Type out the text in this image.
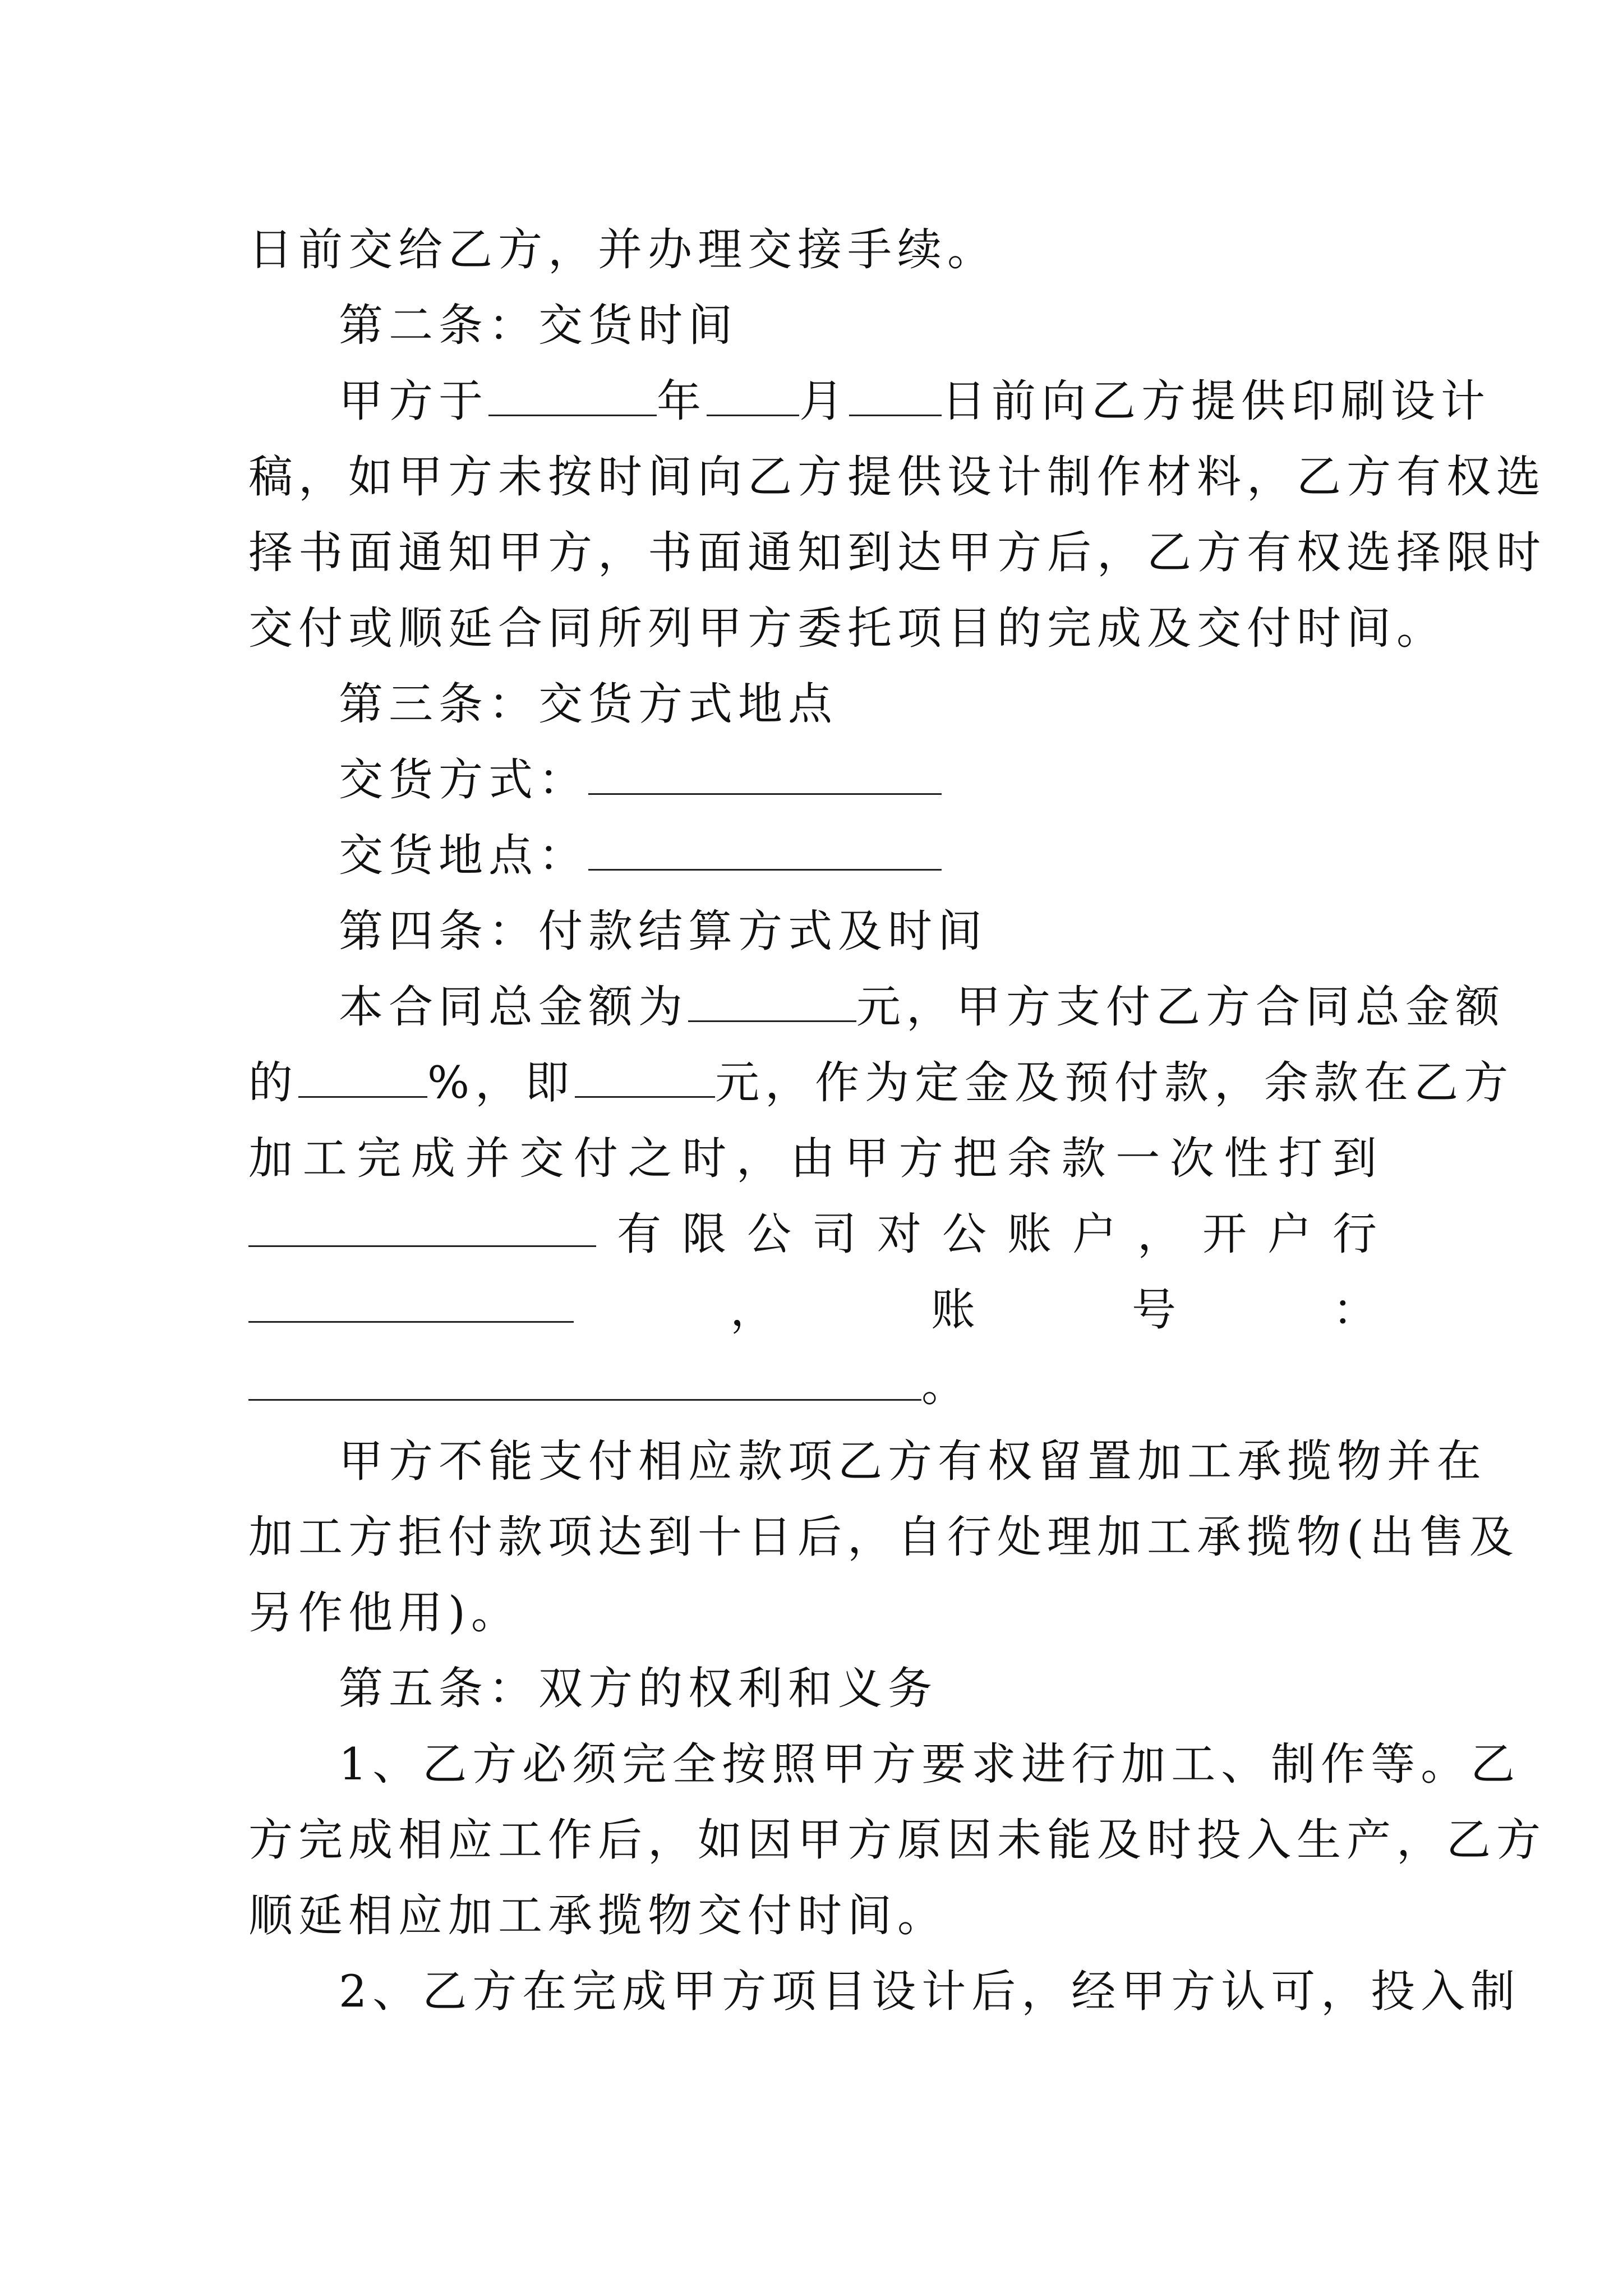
日前交给乙方，并办理交接手续。
第二条：交货时间
甲方于	年 月 日前向乙方提供印刷设计
稿，如甲方未按时间向乙方提供设计制作材料，乙方有权选
择书面通知甲方，书面通知到达甲方后，乙方有权选择限时
交付或顺延合同所列甲方委托项目的完成及交付时间。
第三条：交货方式地点
交货方式：
交货地点：
第四条：付款结算方式及时间
本合同总金额为	元，甲方支付乙方合同总金额
的	%，即	元，作为定金及预付款，余款在乙方
加 工 完 成 并 交 付 之 时 ， 由 甲 方 把 余 款 一 次 性 打 到
有 限 公 司 对 公 账 户 ， 开 户 行
，	账	号	：
。
甲方不能支付相应款项乙方有权留置加工承揽物并在
加工方拒付款项达到十日后，自行处理加工承揽物(出售及
另作他用)。
第五条：双方的权利和义务
1、乙方必须完全按照甲方要求进行加工、制作等。乙
方完成相应工作后，如因甲方原因未能及时投入生产，乙方
顺延相应加工承揽物交付时间。
2、乙方在完成甲方项目设计后，经甲方认可，投入制
